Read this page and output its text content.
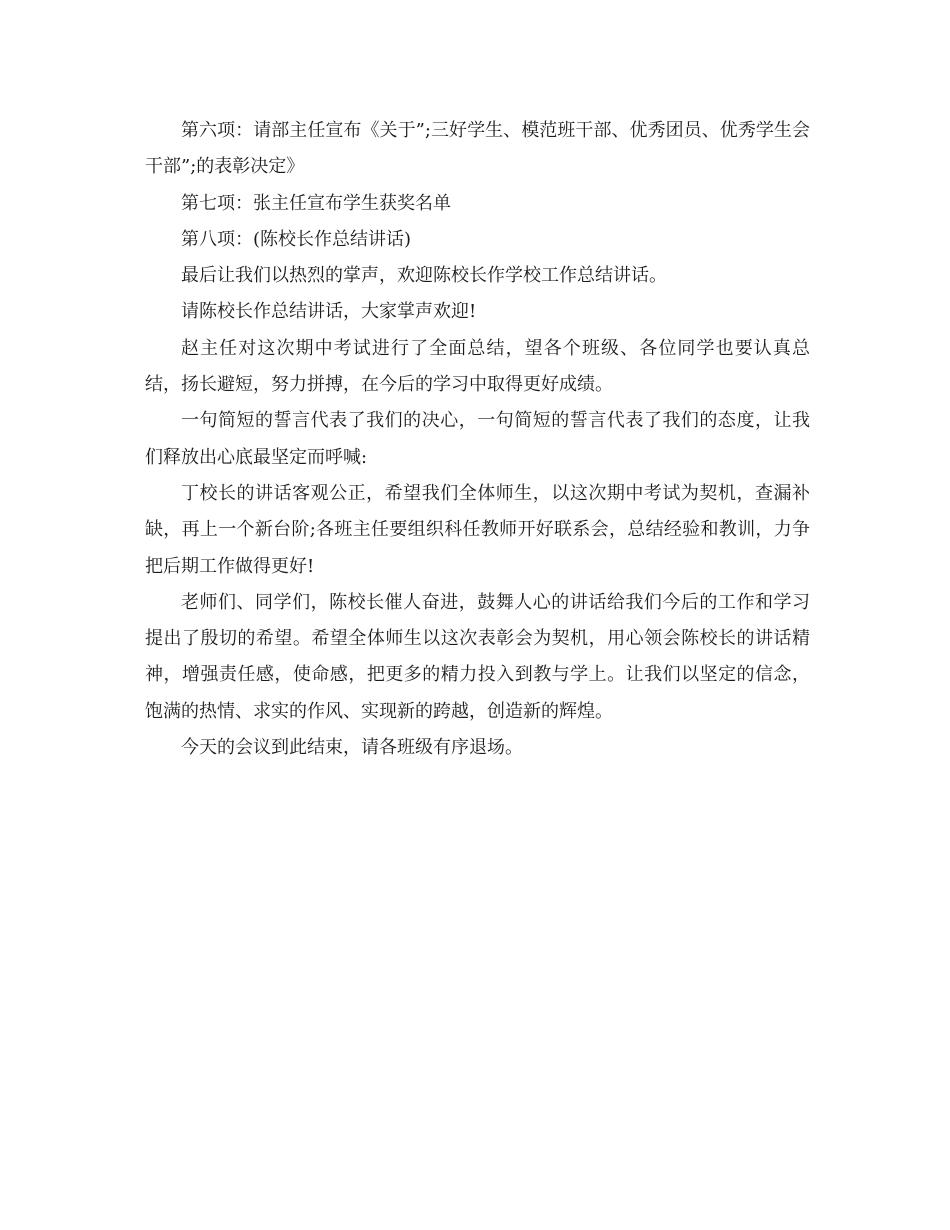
第六项：请部主任宣布《关于”;三好学生、模范班干部、优秀团员、优秀学生会干部”;的表彰决定》

第七项：张主任宣布学生获奖名单

第八项：(陈校长作总结讲话)

最后让我们以热烈的掌声，欢迎陈校长作学校工作总结讲话。

请陈校长作总结讲话，大家掌声欢迎!

赵主任对这次期中考试进行了全面总结，望各个班级、各位同学也要认真总结，扬长避短，努力拼搏，在今后的学习中取得更好成绩。

一句简短的誓言代表了我们的决心，一句简短的誓言代表了我们的态度，让我们释放出心底最坚定而呼喊:

丁校长的讲话客观公正，希望我们全体师生，以这次期中考试为契机，查漏补缺，再上一个新台阶;各班主任要组织科任教师开好联系会，总结经验和教训，力争把后期工作做得更好!

老师们、同学们，陈校长催人奋进，鼓舞人心的讲话给我们今后的工作和学习提出了殷切的希望。希望全体师生以这次表彰会为契机，用心领会陈校长的讲话精神，增强责任感，使命感，把更多的精力投入到教与学上。让我们以坚定的信念，饱满的热情、求实的作风、实现新的跨越，创造新的辉煌。

今天的会议到此结束，请各班级有序退场。
